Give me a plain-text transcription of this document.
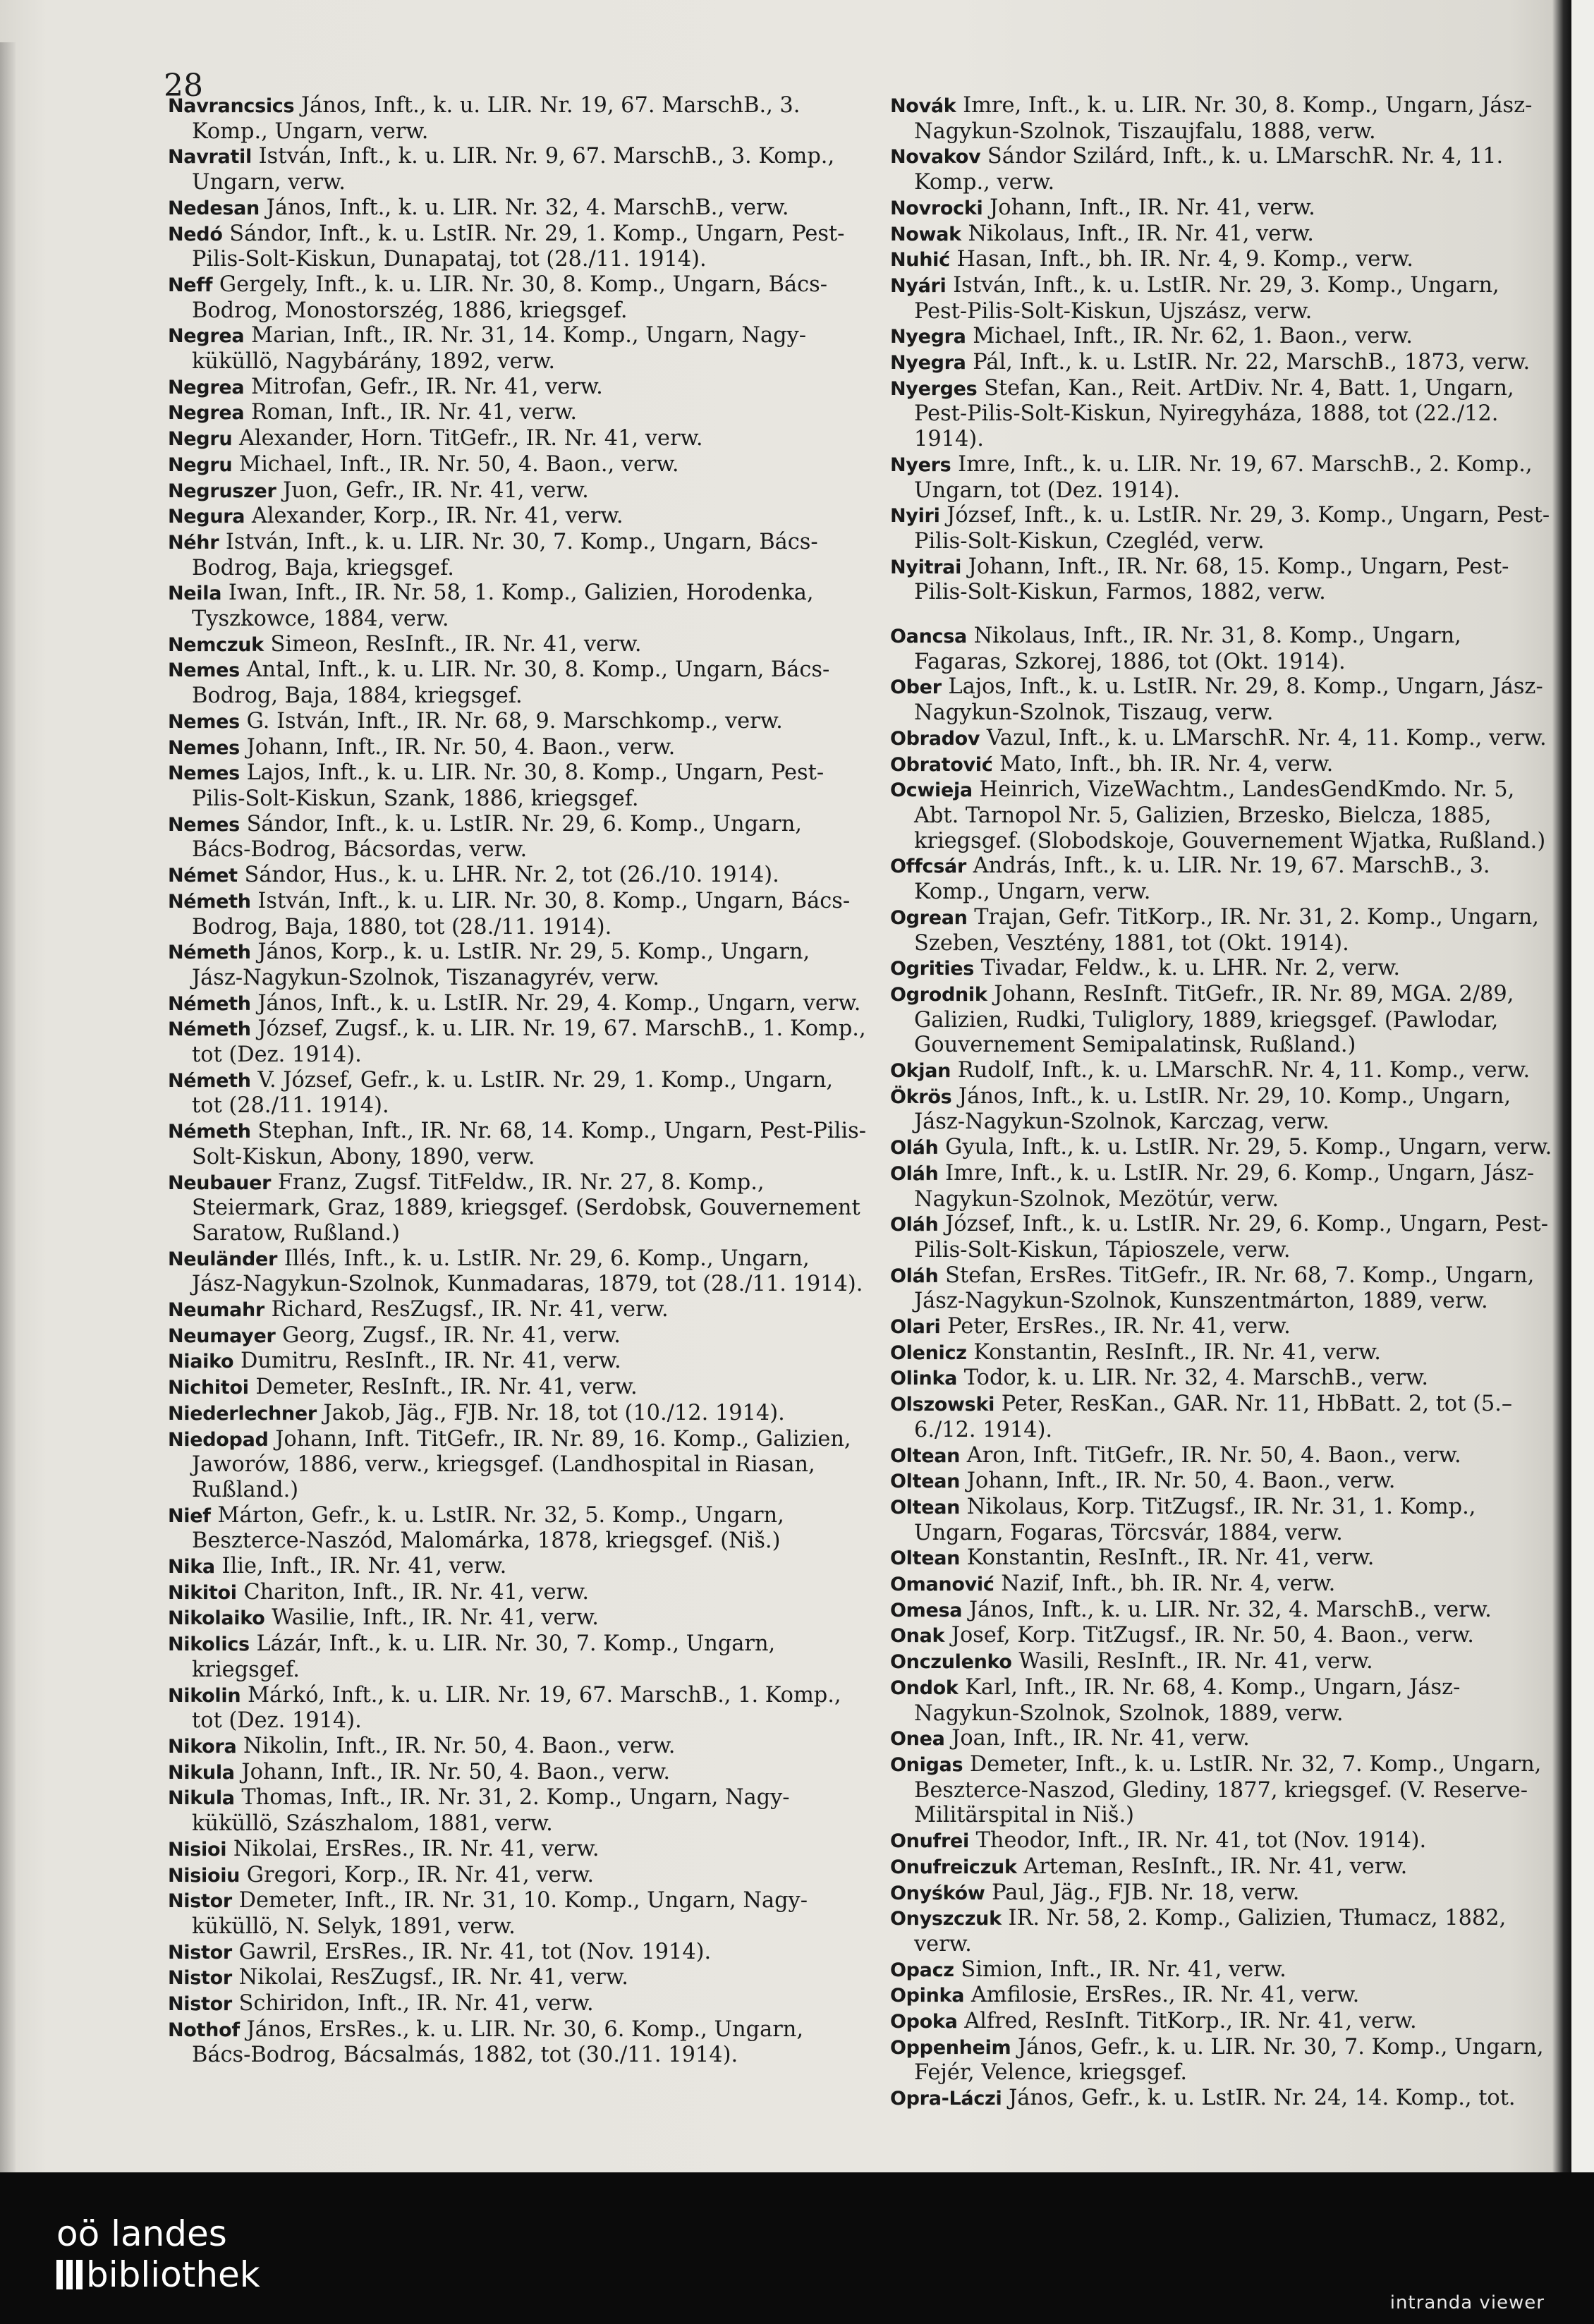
28

Navrancsics János, Inft., k. u. LIR. Nr. 19, 67. MarschB., 3. Komp., Ungarn, verw.

Navratil István, Inft., k. u. LIR. Nr. 9, 67. MarschB., 3. Komp., Ungarn, verw.

Nedesan János, Inft., k. u. LIR. Nr. 32, 4. MarschB., verw.

Nedó Sándor, Inft., k. u. LstIR. Nr. 29, 1. Komp., Ungarn, Pest-Pilis-Solt-Kiskun, Dunapataj, tot (28./11. 1914).

Neff Gergely, Inft., k. u. LIR. Nr. 30, 8. Komp., Ungarn, Bács-Bodrog, Monostorszég, 1886, kriegsgef.

Negrea Marian, Inft., IR. Nr. 31, 14. Komp., Ungarn, Nagy-küküllö, Nagybárány, 1892, verw.

Negrea Mitrofan, Gefr., IR. Nr. 41, verw.

Negrea Roman, Inft., IR. Nr. 41, verw.

Negru Alexander, Horn. TitGefr., IR. Nr. 41, verw.

Negru Michael, Inft., IR. Nr. 50, 4. Baon., verw.

Negruszer Juon, Gefr., IR. Nr. 41, verw.

Negura Alexander, Korp., IR. Nr. 41, verw.

Néhr István, Inft., k. u. LIR. Nr. 30, 7. Komp., Ungarn, Bács-Bodrog, Baja, kriegsgef.

Neila Iwan, Inft., IR. Nr. 58, 1. Komp., Galizien, Horodenka, Tyszkowce, 1884, verw.

Nemczuk Simeon, ResInft., IR. Nr. 41, verw.

Nemes Antal, Inft., k. u. LIR. Nr. 30, 8. Komp., Ungarn, Bács-Bodrog, Baja, 1884, kriegsgef.

Nemes G. István, Inft., IR. Nr. 68, 9. Marschkomp., verw.

Nemes Johann, Inft., IR. Nr. 50, 4. Baon., verw.

Nemes Lajos, Inft., k. u. LIR. Nr. 30, 8. Komp., Ungarn, Pest-Pilis-Solt-Kiskun, Szank, 1886, kriegsgef.

Nemes Sándor, Inft., k. u. LstIR. Nr. 29, 6. Komp., Ungarn, Bács-Bodrog, Bácsordas, verw.

Német Sándor, Hus., k. u. LHR. Nr. 2, tot (26./10. 1914).

Németh István, Inft., k. u. LIR. Nr. 30, 8. Komp., Ungarn, Bács-Bodrog, Baja, 1880, tot (28./11. 1914).

Németh János, Korp., k. u. LstIR. Nr. 29, 5. Komp., Ungarn, Jász-Nagykun-Szolnok, Tiszanagyrév, verw.

Németh János, Inft., k. u. LstIR. Nr. 29, 4. Komp., Ungarn, verw.

Németh József, Zugsf., k. u. LIR. Nr. 19, 67. MarschB., 1. Komp., tot (Dez. 1914).

Németh V. József, Gefr., k. u. LstIR. Nr. 29, 1. Komp., Ungarn, tot (28./11. 1914).

Németh Stephan, Inft., IR. Nr. 68, 14. Komp., Ungarn, Pest-Pilis-Solt-Kiskun, Abony, 1890, verw.

Neubauer Franz, Zugsf. TitFeldw., IR. Nr. 27, 8. Komp., Steiermark, Graz, 1889, kriegsgef. (Serdobsk, Gouvernement Saratow, Rußland.)

Neuländer Illés, Inft., k. u. LstIR. Nr. 29, 6. Komp., Ungarn, Jász-Nagykun-Szolnok, Kunmadaras, 1879, tot (28./11. 1914).

Neumahr Richard, ResZugsf., IR. Nr. 41, verw.

Neumayer Georg, Zugsf., IR. Nr. 41, verw.

Niaiko Dumitru, ResInft., IR. Nr. 41, verw.

Nichitoi Demeter, ResInft., IR. Nr. 41, verw.

Niederlechner Jakob, Jäg., FJB. Nr. 18, tot (10./12. 1914).

Niedopad Johann, Inft. TitGefr., IR. Nr. 89, 16. Komp., Galizien, Jaworów, 1886, verw., kriegsgef. (Landhospital in Riasan, Rußland.)

Nief Márton, Gefr., k. u. LstIR. Nr. 32, 5. Komp., Ungarn, Beszterce-Naszód, Malomárka, 1878, kriegsgef. (Niš.)

Nika Ilie, Inft., IR. Nr. 41, verw.

Nikitoi Chariton, Inft., IR. Nr. 41, verw.

Nikolaiko Wasilie, Inft., IR. Nr. 41, verw.

Nikolics Lázár, Inft., k. u. LIR. Nr. 30, 7. Komp., Ungarn, kriegsgef.

Nikolin Márkó, Inft., k. u. LIR. Nr. 19, 67. MarschB., 1. Komp., tot (Dez. 1914).

Nikora Nikolin, Inft., IR. Nr. 50, 4. Baon., verw.

Nikula Johann, Inft., IR. Nr. 50, 4. Baon., verw.

Nikula Thomas, Inft., IR. Nr. 31, 2. Komp., Ungarn, Nagy-küküllö, Szászhalom, 1881, verw.

Nisioi Nikolai, ErsRes., IR. Nr. 41, verw.

Nisioiu Gregori, Korp., IR. Nr. 41, verw.

Nistor Demeter, Inft., IR. Nr. 31, 10. Komp., Ungarn, Nagy-küküllö, N. Selyk, 1891, verw.

Nistor Gawril, ErsRes., IR. Nr. 41, tot (Nov. 1914).

Nistor Nikolai, ResZugsf., IR. Nr. 41, verw.

Nistor Schiridon, Inft., IR. Nr. 41, verw.

Nothof János, ErsRes., k. u. LIR. Nr. 30, 6. Komp., Ungarn, Bács-Bodrog, Bácsalmás, 1882, tot (30./11. 1914).

Novák Imre, Inft., k. u. LIR. Nr. 30, 8. Komp., Ungarn, Jász-Nagykun-Szolnok, Tiszaujfalu, 1888, verw.

Novakov Sándor Szilárd, Inft., k. u. LMarschR. Nr. 4, 11. Komp., verw.

Novrocki Johann, Inft., IR. Nr. 41, verw.

Nowak Nikolaus, Inft., IR. Nr. 41, verw.

Nuhić Hasan, Inft., bh. IR. Nr. 4, 9. Komp., verw.

Nyári István, Inft., k. u. LstIR. Nr. 29, 3. Komp., Ungarn, Pest-Pilis-Solt-Kiskun, Ujszász, verw.

Nyegra Michael, Inft., IR. Nr. 62, 1. Baon., verw.

Nyegra Pál, Inft., k. u. LstIR. Nr. 22, MarschB., 1873, verw.

Nyerges Stefan, Kan., Reit. ArtDiv. Nr. 4, Batt. 1, Ungarn, Pest-Pilis-Solt-Kiskun, Nyiregyháza, 1888, tot (22./12. 1914).

Nyers Imre, Inft., k. u. LIR. Nr. 19, 67. MarschB., 2. Komp., Ungarn, tot (Dez. 1914).

Nyiri József, Inft., k. u. LstIR. Nr. 29, 3. Komp., Ungarn, Pest-Pilis-Solt-Kiskun, Czegléd, verw.

Nyitrai Johann, Inft., IR. Nr. 68, 15. Komp., Ungarn, Pest-Pilis-Solt-Kiskun, Farmos, 1882, verw.

Oancsa Nikolaus, Inft., IR. Nr. 31, 8. Komp., Ungarn, Fagaras, Szkorej, 1886, tot (Okt. 1914).

Ober Lajos, Inft., k. u. LstIR. Nr. 29, 8. Komp., Ungarn, Jász-Nagykun-Szolnok, Tiszaug, verw.

Obradov Vazul, Inft., k. u. LMarschR. Nr. 4, 11. Komp., verw.

Obratović Mato, Inft., bh. IR. Nr. 4, verw.

Ocwieja Heinrich, VizeWachtm., LandesGendKmdo. Nr. 5, Abt. Tarnopol Nr. 5, Galizien, Brzesko, Bielcza, 1885, kriegsgef. (Slobodskoje, Gouvernement Wjatka, Rußland.)

Offcsár András, Inft., k. u. LIR. Nr. 19, 67. MarschB., 3. Komp., Ungarn, verw.

Ogrean Trajan, Gefr. TitKorp., IR. Nr. 31, 2. Komp., Ungarn, Szeben, Vesztény, 1881, tot (Okt. 1914).

Ogrities Tivadar, Feldw., k. u. LHR. Nr. 2, verw.

Ogrodnik Johann, ResInft. TitGefr., IR. Nr. 89, MGA. 2/89, Galizien, Rudki, Tuliglory, 1889, kriegsgef. (Pawlodar, Gouvernement Semipalatinsk, Rußland.)

Okjan Rudolf, Inft., k. u. LMarschR. Nr. 4, 11. Komp., verw.

Ökrös János, Inft., k. u. LstIR. Nr. 29, 10. Komp., Ungarn, Jász-Nagykun-Szolnok, Karczag, verw.

Oláh Gyula, Inft., k. u. LstIR. Nr. 29, 5. Komp., Ungarn, verw.

Oláh Imre, Inft., k. u. LstIR. Nr. 29, 6. Komp., Ungarn, Jász-Nagykun-Szolnok, Mezötúr, verw.

Oláh József, Inft., k. u. LstIR. Nr. 29, 6. Komp., Ungarn, Pest-Pilis-Solt-Kiskun, Tápioszele, verw.

Oláh Stefan, ErsRes. TitGefr., IR. Nr. 68, 7. Komp., Ungarn, Jász-Nagykun-Szolnok, Kunszentmárton, 1889, verw.

Olari Peter, ErsRes., IR. Nr. 41, verw.

Olenicz Konstantin, ResInft., IR. Nr. 41, verw.

Olinka Todor, k. u. LIR. Nr. 32, 4. MarschB., verw.

Olszowski Peter, ResKan., GAR. Nr. 11, HbBatt. 2, tot (5.–6./12. 1914).

Oltean Aron, Inft. TitGefr., IR. Nr. 50, 4. Baon., verw.

Oltean Johann, Inft., IR. Nr. 50, 4. Baon., verw.

Oltean Nikolaus, Korp. TitZugsf., IR. Nr. 31, 1. Komp., Ungarn, Fogaras, Törcsvár, 1884, verw.

Oltean Konstantin, ResInft., IR. Nr. 41, verw.

Omanović Nazif, Inft., bh. IR. Nr. 4, verw.

Omesa János, Inft., k. u. LIR. Nr. 32, 4. MarschB., verw.

Onak Josef, Korp. TitZugsf., IR. Nr. 50, 4. Baon., verw.

Onczulenko Wasili, ResInft., IR. Nr. 41, verw.

Ondok Karl, Inft., IR. Nr. 68, 4. Komp., Ungarn, Jász-Nagykun-Szolnok, Szolnok, 1889, verw.

Onea Joan, Inft., IR. Nr. 41, verw.

Onigas Demeter, Inft., k. u. LstIR. Nr. 32, 7. Komp., Ungarn, Beszterce-Naszod, Glediny, 1877, kriegsgef. (V. Reserve-Militärspital in Niš.)

Onufrei Theodor, Inft., IR. Nr. 41, tot (Nov. 1914).

Onufreiczuk Arteman, ResInft., IR. Nr. 41, verw.

Onyśków Paul, Jäg., FJB. Nr. 18, verw.

Onyszczuk IR. Nr. 58, 2. Komp., Galizien, Tłumacz, 1882, verw.

Opacz Simion, Inft., IR. Nr. 41, verw.

Opinka Amfilosie, ErsRes., IR. Nr. 41, verw.

Opoka Alfred, ResInft. TitKorp., IR. Nr. 41, verw.

Oppenheim János, Gefr., k. u. LIR. Nr. 30, 7. Komp., Ungarn, Fejér, Velence, kriegsgef.

Opra-Láczi János, Gefr., k. u. LstIR. Nr. 24, 14. Komp., tot.

oö landes
bibliothek
intranda viewer
